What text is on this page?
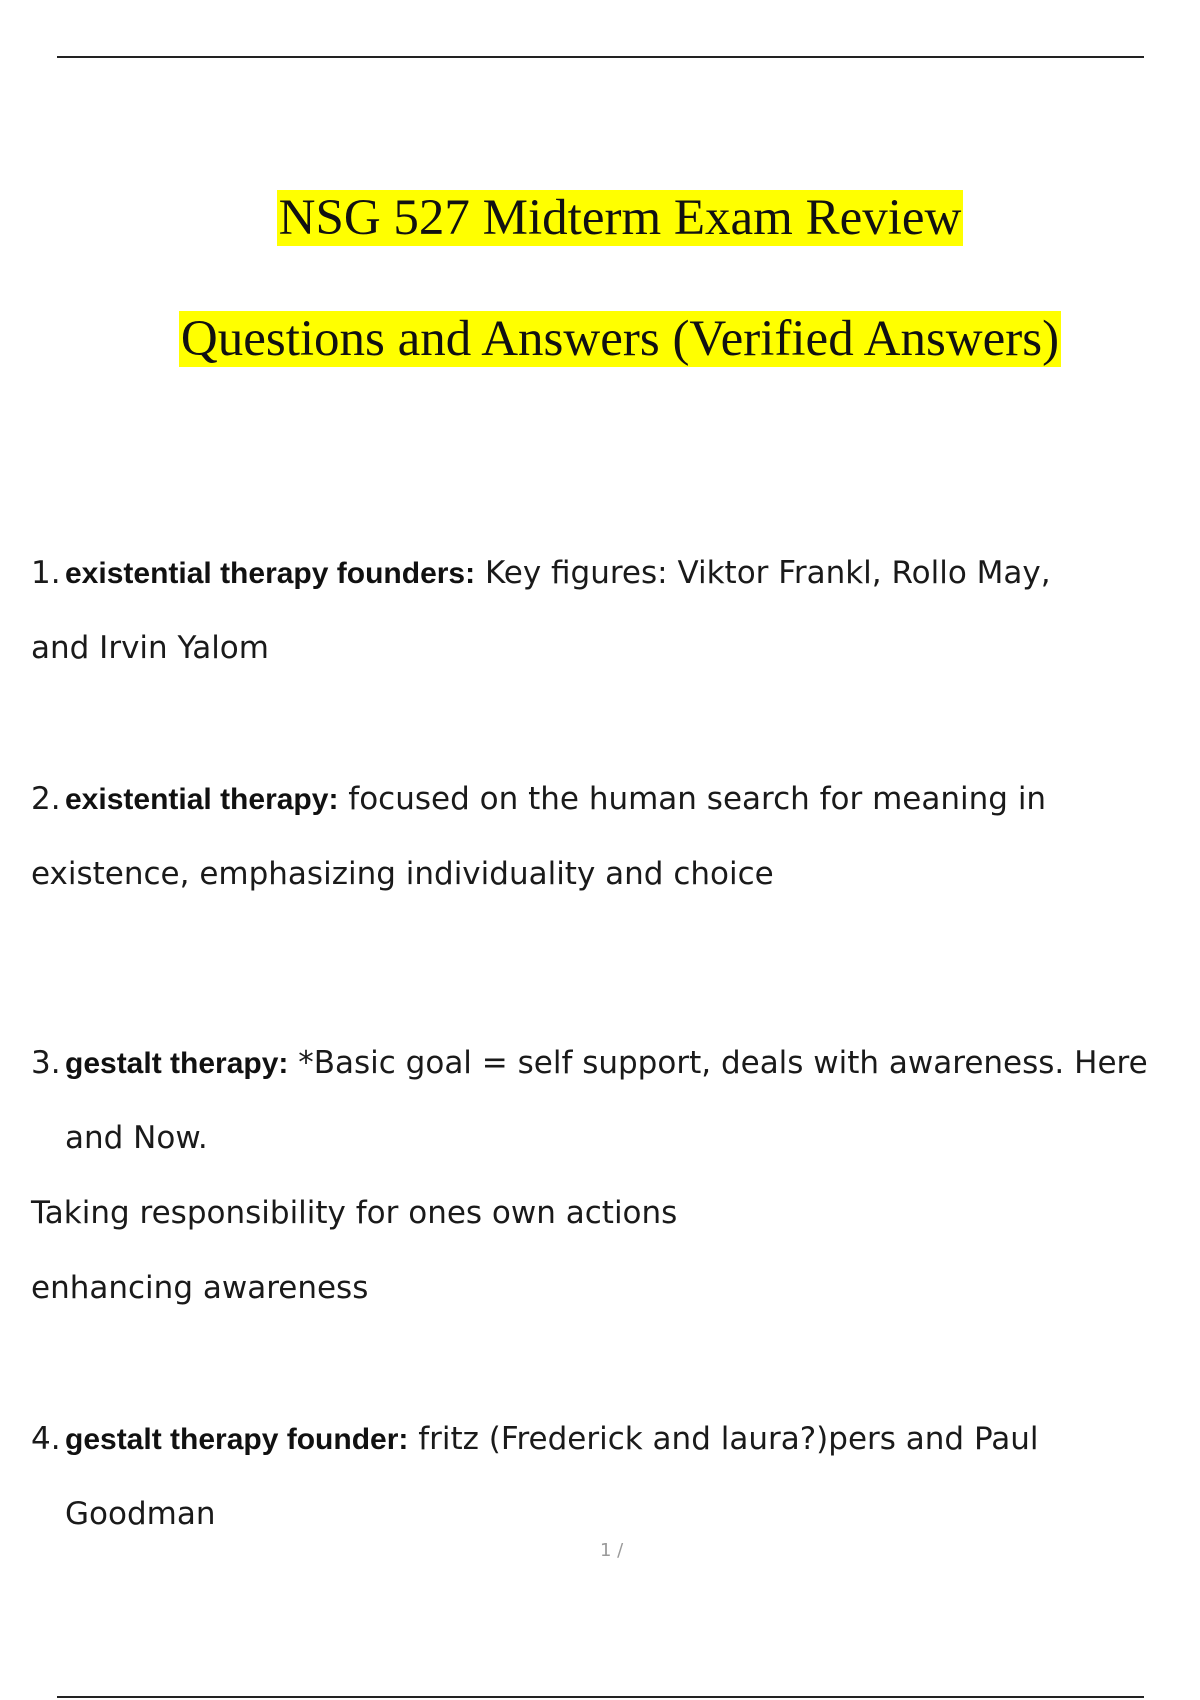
NSG 527 Midterm Exam Review
Questions and Answers (Verified Answers)
1. existential therapy founders: Key figures: Viktor Frankl, Rollo May,
and Irvin Yalom
2. existential therapy: focused on the human search for meaning in
existence, emphasizing individuality and choice
3. gestalt therapy: *Basic goal = self support, deals with awareness. Here
and Now.
Taking responsibility for ones own actions
enhancing awareness
4. gestalt therapy founder: fritz (Frederick and laura?)pers and Paul
Goodman
1 /
